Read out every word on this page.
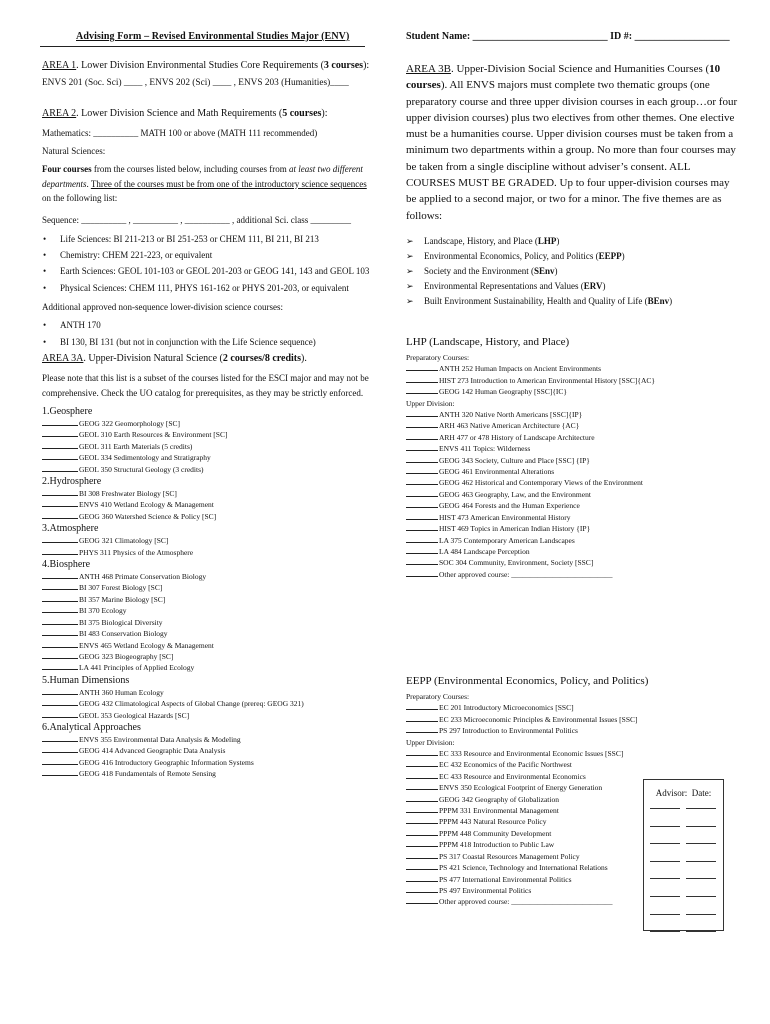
Advising Form – Revised Environmental Studies Major (ENV)	Student Name: ___________________________ ID #: ___________________
AREA 1. Lower Division Environmental Studies Core Requirements (3 courses):
ENVS 201 (Soc. Sci) ____ , ENVS 202 (Sci) ____ , ENVS 203 (Humanities)____
AREA 2. Lower Division Science and Math Requirements (5 courses):
Mathematics: __________ MATH 100 or above (MATH 111 recommended)
Natural Sciences:
Four courses from the courses listed below, including courses from at least two different departments. Three of the courses must be from one of the introductory science sequences on the following list:
Sequence: __________ , __________ , __________ , additional Sci. class _________
• Life Sciences: BI 211-213 or BI 251-253 or CHEM 111, BI 211, BI 213
• Chemistry: CHEM 221-223, or equivalent
• Earth Sciences: GEOL 101-103 or GEOL 201-203 or GEOG 141, 143 and GEOL 103
• Physical Sciences: CHEM 111, PHYS 161-162 or PHYS 201-203, or equivalent
Additional approved non-sequence lower-division science courses:
• ANTH 170
• BI 130, BI 131 (but not in conjunction with the Life Science sequence)
AREA 3A. Upper-Division Natural Science (2 courses/8 credits).
Please note that this list is a subset of the courses listed for the ESCI major and may not be comprehensive. Check the UO catalog for prerequisites, as they may be strictly enforced.
1.Geosphere
GEOG 322 Geomorphology [SC]
GEOL 310 Earth Resources & Environment [SC]
GEOL 311 Earth Materials (5 credits)
GEOL 334 Sedimentology and Stratigraphy
GEOL 350 Structural Geology (3 credits)
2.Hydrosphere
BI 308 Freshwater Biology [SC]
ENVS 410 Wetland Ecology & Management
GEOG 360 Watershed Science & Policy [SC]
3.Atmosphere
GEOG 321 Climatology [SC]
PHYS 311 Physics of the Atmosphere
4.Biosphere
ANTH 468 Primate Conservation Biology
BI 307 Forest Biology [SC]
BI 357 Marine Biology [SC]
BI 370 Ecology
BI 375 Biological Diversity
BI 483 Conservation Biology
ENVS 465 Wetland Ecology & Management
GEOG 323 Biogeography [SC]
LA 441 Principles of Applied Ecology
5.Human Dimensions
ANTH 360 Human Ecology
GEOG 432 Climatological Aspects of Global Change (prereq: GEOG 321)
GEOL 353 Geological Hazards [SC]
6.Analytical Approaches
ENVS 355 Environmental Data Analysis & Modeling
GEOG 414 Advanced Geographic Data Analysis
GEOG 416 Introductory Geographic Information Systems
GEOG 418 Fundamentals of Remote Sensing
AREA 3B. Upper-Division Social Science and Humanities Courses (10 courses). All ENVS majors must complete two thematic groups (one preparatory course and three upper division courses in each group…or four upper division courses) plus two electives from other themes. One elective must be a humanities course. Upper division courses must be taken from a minimum two departments within a group. No more than four courses may be taken from a single discipline without adviser’s consent. ALL COURSES MUST BE GRADED. Up to four upper-division courses may be applied to a second major, or two for a minor. The five themes are as follows:
➢ Landscape, History, and Place (LHP)
➢ Environmental Economics, Policy, and Politics (EEPP)
➢ Society and the Environment (SEnv)
➢ Environmental Representations and Values (ERV)
➢ Built Environment Sustainability, Health and Quality of Life (BEnv)
LHP (Landscape, History, and Place)
Preparatory Courses:
ANTH 252 Human Impacts on Ancient Environments
HIST 273 Introduction to American Environmental History [SSC]{AC}
GEOG 142 Human Geography [SSC]{IC}
Upper Division:
ANTH 320 Native North Americans [SSC]{IP}
ARH 463 Native American Architecture {AC}
ARH 477 or 478 History of Landscape Architecture
ENVS 411 Topics: Wilderness
GEOG 343 Society, Culture and Place [SSC] {IP}
GEOG 461 Environmental Alterations
GEOG 462 Historical and Contemporary Views of the Environment
GEOG 463 Geography, Law, and the Environment
GEOG 464 Forests and the Human Experience
HIST 473 American Environmental History
HIST 469 Topics in American Indian History {IP}
LA 375 Contemporary American Landscapes
LA 484 Landscape Perception
SOC 304 Community, Environment, Society [SSC]
Other approved course: ___________________________
EEPP (Environmental Economics, Policy, and Politics)
Preparatory Courses:
EC 201 Introductory Microeconomics [SSC]
EC 233 Microeconomic Principles & Environmental Issues [SSC]
PS 297 Introduction to Environmental Politics
Upper Division:
EC 333 Resource and Environmental Economic Issues [SSC]
EC 432 Economics of the Pacific Northwest
EC 433 Resource and Environmental Economics
ENVS 350 Ecological Footprint of Energy Generation
GEOG 342 Geography of Globalization
PPPM 331 Environmental Management
PPPM 443 Natural Resource Policy
PPPM 448 Community Development
PPPM 418 Introduction to Public Law
PS 317 Coastal Resources Management Policy
PS 421 Science, Technology and International Relations
PS 477 International Environmental Politics
PS 497 Environmental Politics
Other approved course: ___________________________
Advisor: Date:
